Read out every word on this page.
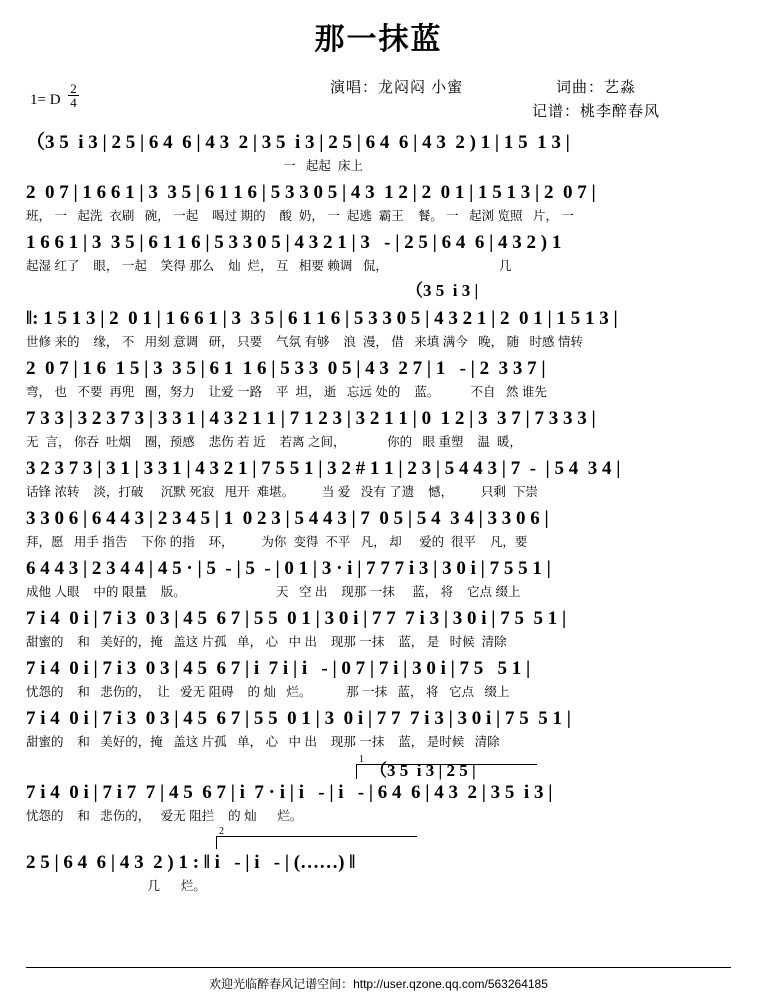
那一抹蓝
1= D $\frac{2}{4}$	演唱：龙闷闷 小蜜	词曲：艺淼
记谱：桃李醉春风
（3 5  i 3 | 2 5 | 6 4  6 | 4 3  2 | 3 5  i 3 | 2 5 | 6 4  6 | 4 3  2 ) 1 | 1 5  1 3 |
一   起起  床上
2  0 7 | 1 6 6 1 | 3  3 5 | 6 1 1 6 | 5 3 3 0 5 | 4 3  1 2 | 2  0 1 | 1 5 1 3 | 2  0 7 |
班， 一   起洗  衣刷   碗， 一起    喝过 期的    酸  奶， 一  起逃  霸王    餐。 一   起浏 览照   片， 一
1 6 6 1 | 3  3 5 | 6 1 1 6 | 5 3 3 0 5 | 4 3 2 1 | 3   - | 2 5 | 6 4  6 | 4 3 2 ) 1
起湿 红了    眼， 一起    笑得 那么    灿  烂， 互   相要 赖调   侃，                                几
（3 5  i 3 |
‖: 1 5 1 3 | 2  0 1 | 1 6 6 1 | 3  3 5 | 6 1 1 6 | 5 3 3 0 5 | 4 3 2 1 | 2  0 1 | 1 5 1 3 |
世修 来的    缘， 不   用刻 意调   研， 只要    气氛 有够    浪  漫， 借   来填 满今   晚， 随   时感 情转
2  0 7 | 1 6  1 5 | 3  3 5 | 6 1  1 6 | 5 3 3  0 5 | 4 3  2 7 | 1   - | 2  3 3 7 |
弯， 也   不要  再兜   圈，努力    让爱 一路    平  坦， 逝   忘远 处的    蓝。         不自   然 谁先
7 3 3 | 3 2 3 7 3 | 3 3 1 | 4 3 2 1 1 | 7 1 2 3 | 3 2 1 1 | 0  1 2 | 3  3 7 | 7 3 3 3 |
无  言， 你吞  吐烟    圈，预感    悲伤 若 近    若离 之间，            你的   眼 重塑    温  暖，
3 2 3 7 3 | 3 1 | 3 3 1 | 4 3 2 1 | 7 5 5 1 | 3 2 # 1 1 | 2 3 | 5 4 4 3 | 7  -  | 5 4  3 4 |
话锋 浓转    淡，打破     沉默 死寂   甩开  难堪。        当 爱   没有 了遗    憾，        只剩  下崇
3 3 0 6 | 6 4 4 3 | 2 3 4 5 | 1  0 2 3 | 5 4 4 3 | 7  0 5 | 5 4  3 4 | 3 3 0 6 |
拜，愿   用手 指告    下你 的指    环，        为你  变得  不平   凡， 却     爱的  很平    凡，要
6 4 4 3 | 2 3 4 4 | 4 5 · | 5  - | 5  - | 0 1 | 3 · i | 7 7 7 i 3 | 3 0 i | 7 5 5 1 |
成他 人眼    中的 限量    版。                          天   空 出    现那 一抹     蓝， 将    它点 缀上
7 i 4  0 i | 7 i 3  0 3 | 4 5  6 7 | 5 5  0 1 | 3 0 i | 7 7  7 i 3 | 3 0 i | 7 5  5 1 |
甜蜜的    和   美好的，掩   盖这 片孤   单， 心   中 出    现那 一抹    蓝， 是   时候  清除
7 i 4  0 i | 7 i 3  0 3 | 4 5  6 7 | i  7 i | i   - | 0 7 | 7 i | 3 0 i | 7 5   5 1 |
忧怨的    和   悲伤的，  让   爱无 阻碍    的 灿   烂。          那 一抹   蓝， 将   它点   缀上
7 i 4  0 i | 7 i 3  0 3 | 4 5  6 7 | 5 5  0 1 | 3  0 i | 7 7  7 i 3 | 3 0 i | 7 5  5 1 |
甜蜜的    和   美好的，掩   盖这 片孤   单， 心   中 出    现那 一抹    蓝， 是时候   清除
1
（3 5  i 3 | 2 5 |
7 i 4  0 i | 7 i 7  7 | 4 5  6 7 | i  7 · i | i   - | i   - | 6 4  6 | 4 3  2 | 3 5  i 3 |
忧怨的    和   悲伤的，   爱无 阻拦    的 灿      烂。
2
2 5 | 6 4  6 | 4 3  2 ) 1 : ‖ i   - | i   - | (……) ‖
几      烂。
欢迎光临醉春风记谱空间：http://user.qzone.qq.com/563264185
